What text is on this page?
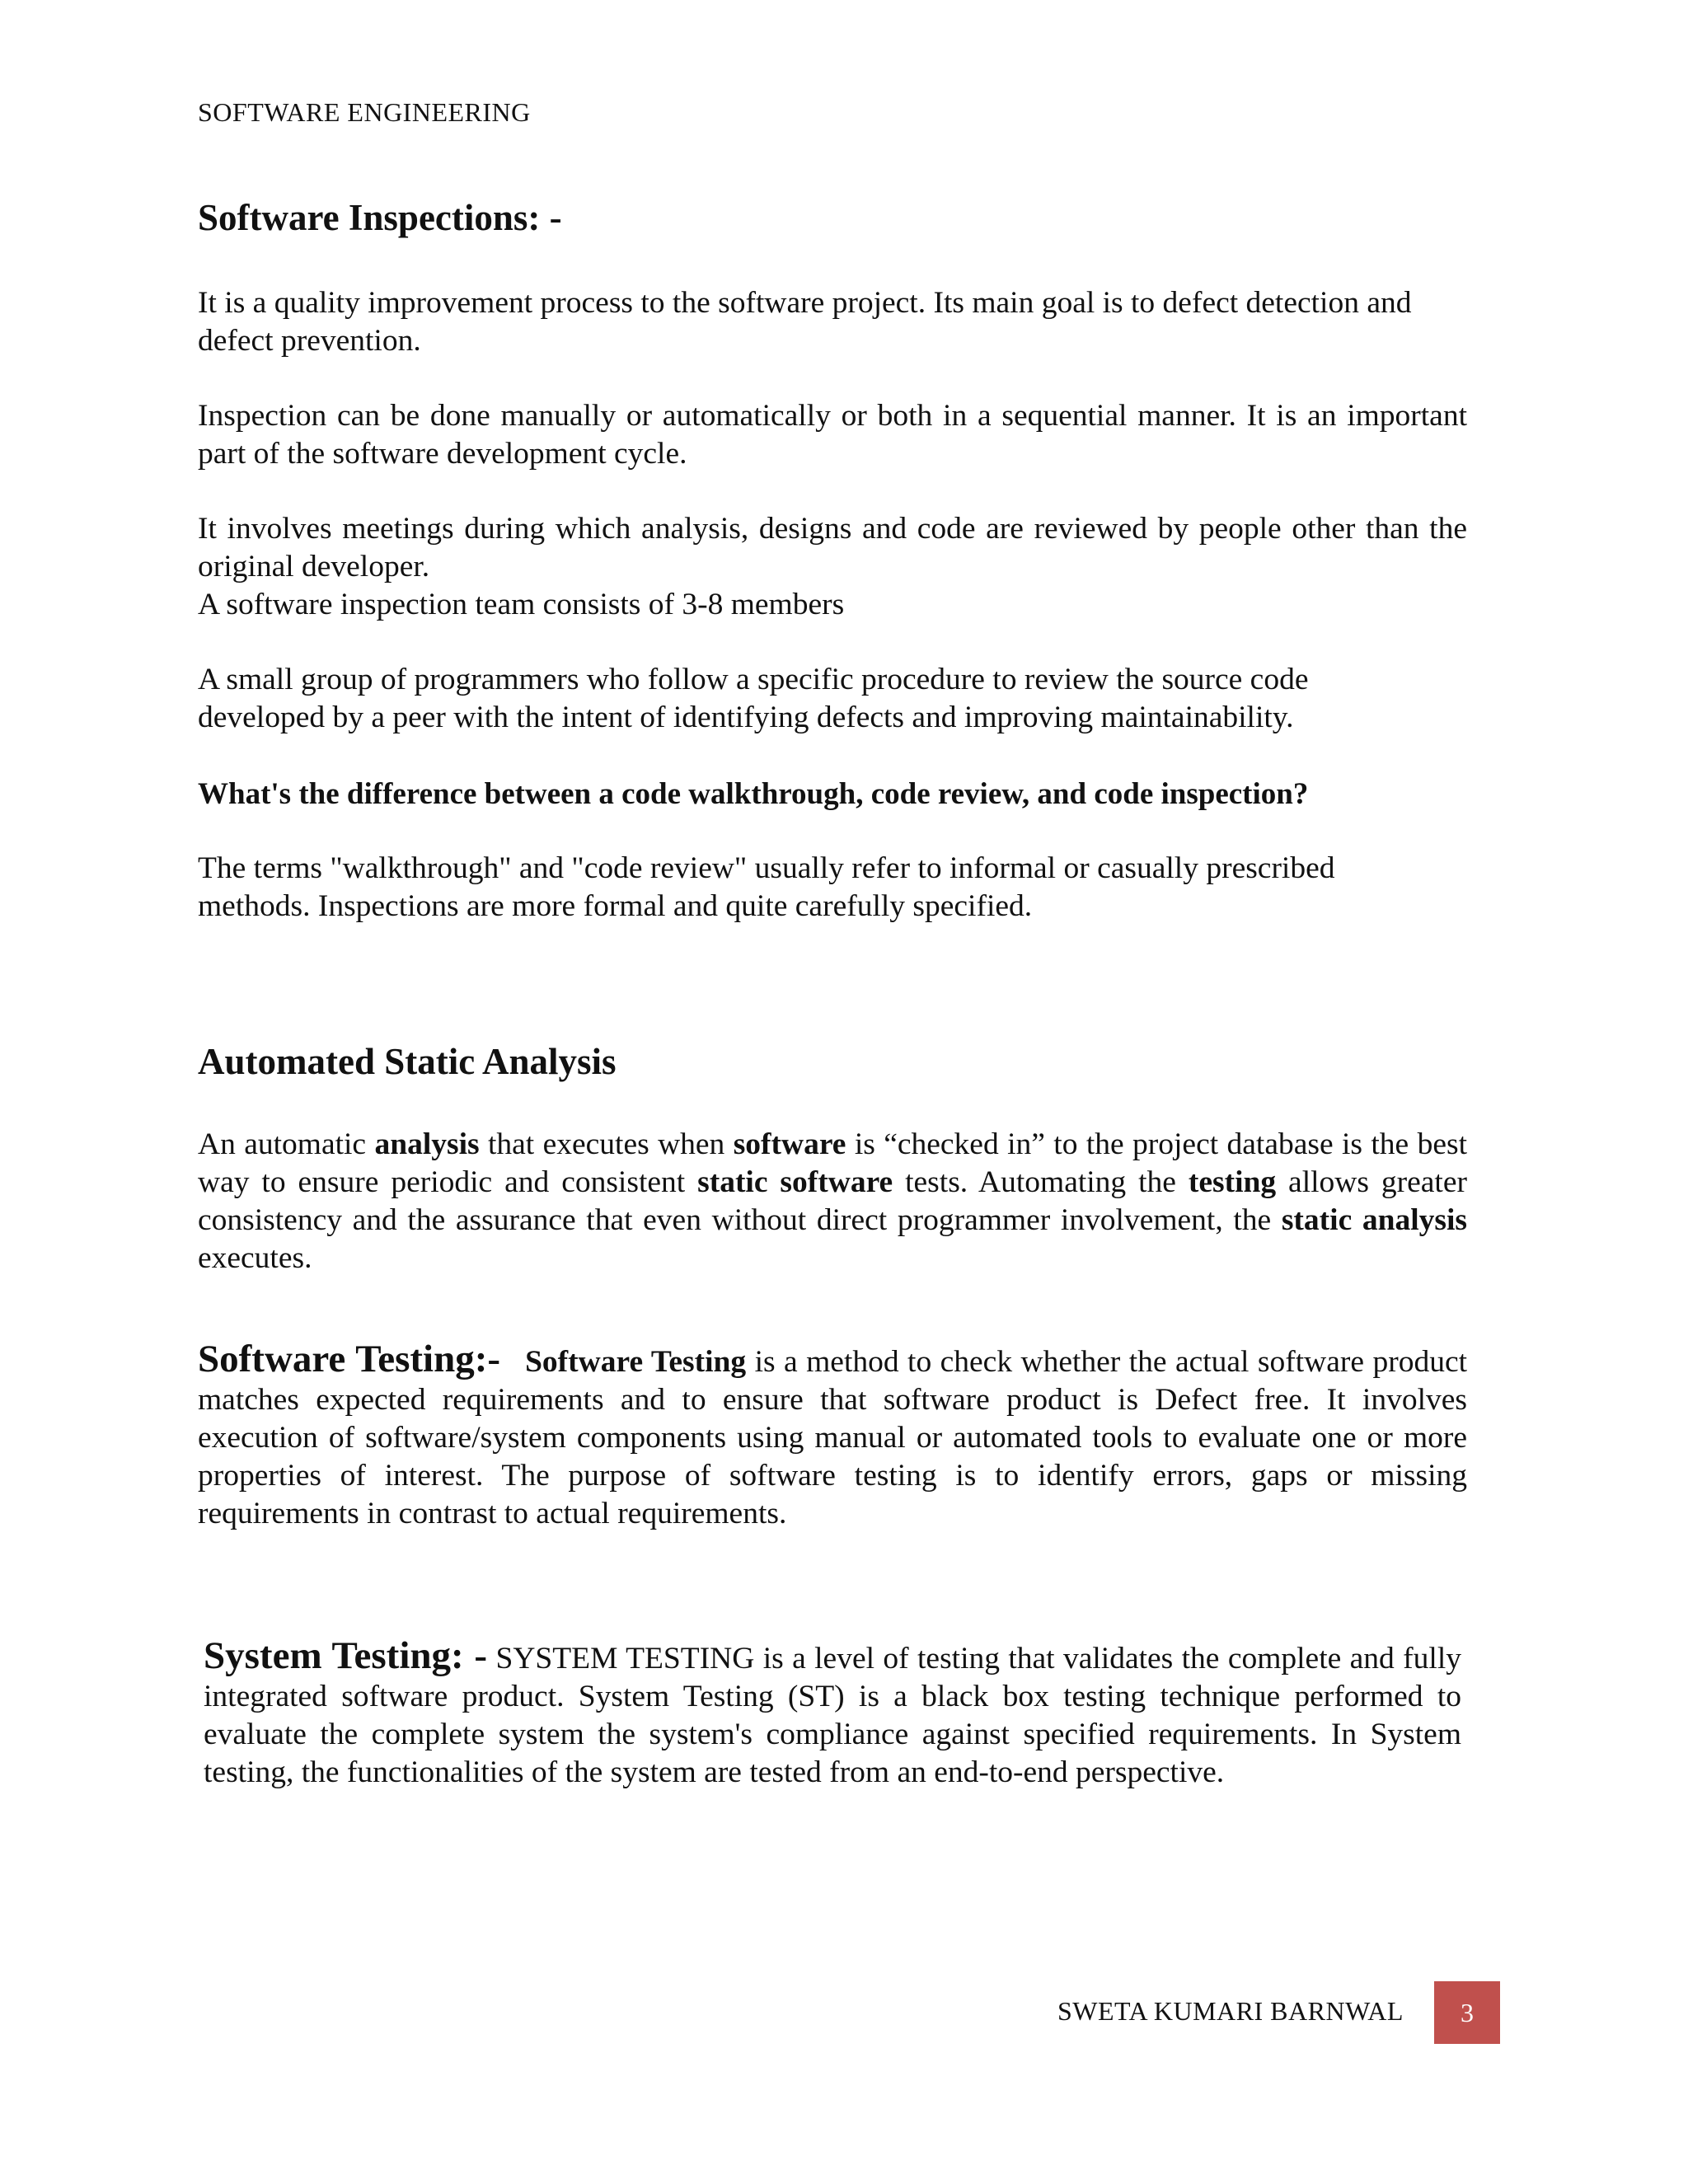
SOFTWARE ENGINEERING
Software Inspections: -
It is a quality improvement process to the software project. Its main goal is to defect detection and defect prevention.
Inspection can be done manually or automatically or both in a sequential manner. It is an important part of the software development cycle.
It involves meetings during which analysis, designs and code are reviewed by people other than the original developer.
A software inspection team consists of 3-8 members
A small group of programmers who follow a specific procedure to review the source code developed by a peer with the intent of identifying defects and improving maintainability.
What's the difference between a code walkthrough, code review, and code inspection?
The terms "walkthrough" and "code review" usually refer to informal or casually prescribed methods. Inspections are more formal and quite carefully specified.
Automated Static Analysis
An automatic analysis that executes when software is “checked in” to the project database is the best way to ensure periodic and consistent static software tests. Automating the testing allows greater consistency and the assurance that even without direct programmer involvement, the static analysis executes.
Software Testing:- Software Testing is a method to check whether the actual software product matches expected requirements and to ensure that software product is Defect free. It involves execution of software/system components using manual or automated tools to evaluate one or more properties of interest. The purpose of software testing is to identify errors, gaps or missing requirements in contrast to actual requirements.
System Testing: - SYSTEM TESTING is a level of testing that validates the complete and fully integrated software product. System Testing (ST) is a black box testing technique performed to evaluate the complete system the system's compliance against specified requirements. In System testing, the functionalities of the system are tested from an end-to-end perspective.
SWETA KUMARI BARNWAL 3
